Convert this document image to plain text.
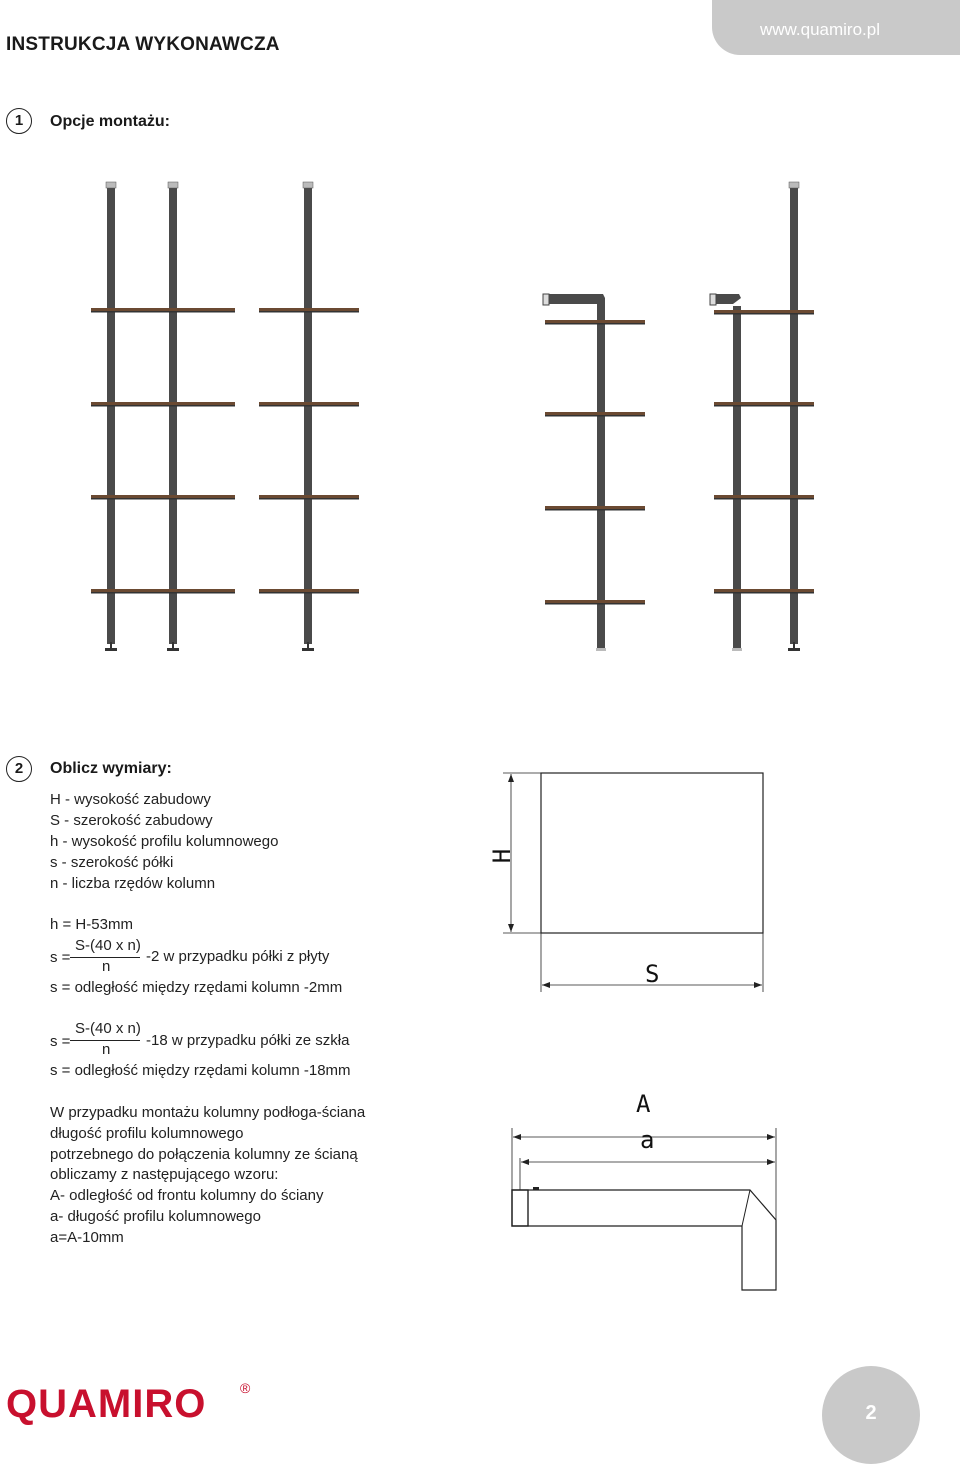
INSTRUKCJA WYKONAWCZA
www.quamiro.pl
1	Opcje montażu:
2	Oblicz wymiary:
H - wysokość zabudowy
S - szerokość zabudowy
h - wysokość profilu kolumnowego
s - szerokość półki
n - liczba rzędów kolumn
h = H-53mm
s =
S-(40 x n)
n
-2 w przypadku półki z płyty
s = odległość między rzędami kolumn -2mm
s =
S-(40 x n)
n
-18 w przypadku półki ze szkła
s = odległość między rzędami kolumn -18mm
W przypadku montażu kolumny podłoga-ściana
długość profilu kolumnowego
potrzebnego do połączenia kolumny ze ścianą
obliczamy z następującego wzoru:
A- odległość od frontu kolumny do ściany
a- długość profilu kolumnowego
a=A-10mm
H
S
A
a
QUAMIRO ®
2
